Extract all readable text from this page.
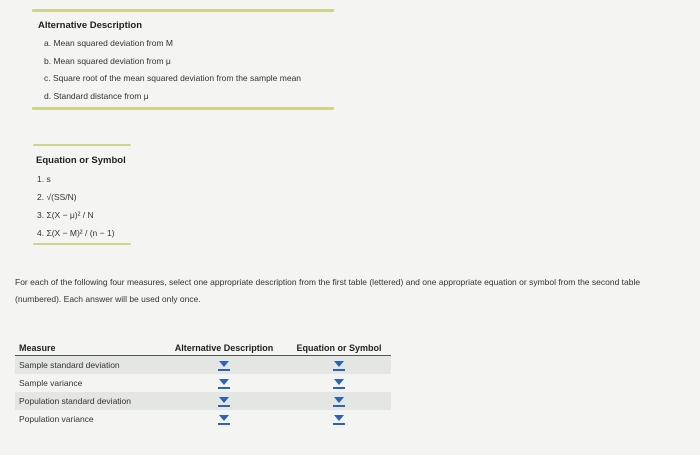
Alternative Description
a. Mean squared deviation from M
b. Mean squared deviation from μ
c. Square root of the mean squared deviation from the sample mean
d. Standard distance from μ
Equation or Symbol
1. s
2. √(SS/N)
3. Σ(X − μ)² / N
4. Σ(X − M)² / (n − 1)
For each of the following four measures, select one appropriate description from the first table (lettered) and one appropriate equation or symbol from the second table (numbered). Each answer will be used only once.
Measure	Alternative Description	Equation or Symbol
Sample standard deviation	

Sample variance	

Population standard deviation	

Population variance	
